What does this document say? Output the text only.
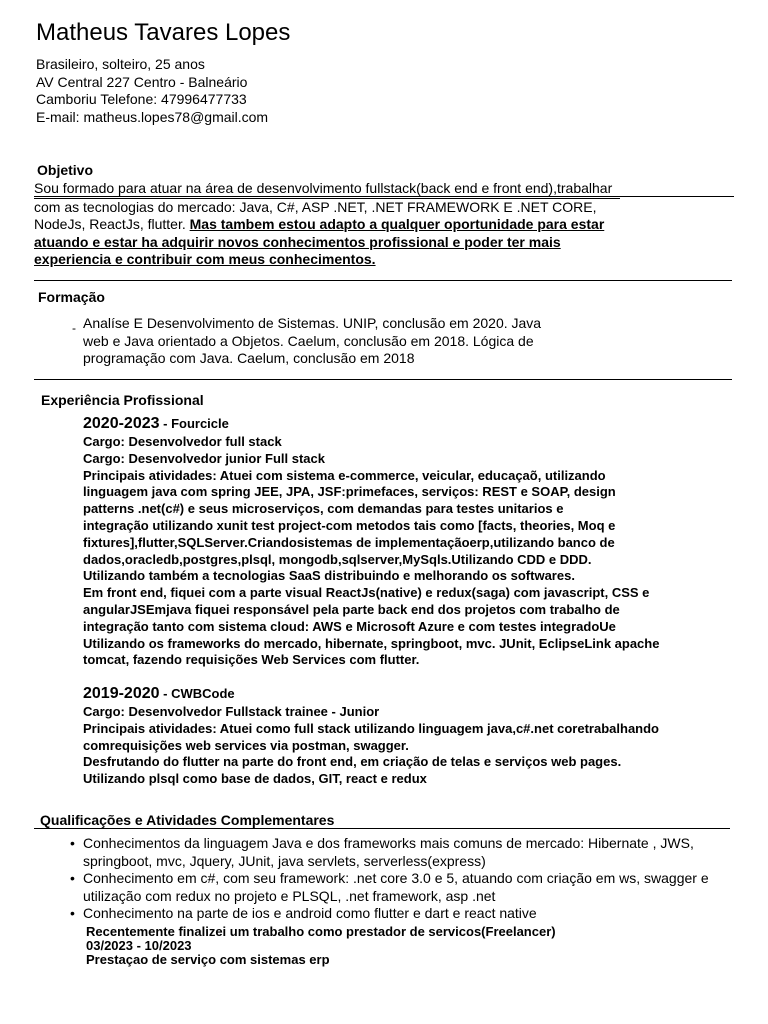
Matheus Tavares Lopes
Brasileiro, solteiro, 25 anos
AV Central 227 Centro - Balneário
Camboriu Telefone: 47996477733
E-mail: matheus.lopes78@gmail.com
Objetivo
Sou formado para atuar na área de desenvolvimento fullstack(back end e front end),trabalhar
com as tecnologias do mercado: Java, C#, ASP .NET, .NET FRAMEWORK E .NET CORE,
NodeJs, ReactJs, flutter. Mas tambem estou adapto a qualquer oportunidade para estar
atuando e estar ha adquirir novos conhecimentos profissional e poder ter mais
experiencia e contribuir com meus conhecimentos.
Formação
- Analíse E Desenvolvimento de Sistemas. UNIP, conclusão em 2020. Java web e Java orientado a Objetos. Caelum, conclusão em 2018. Lógica de programação com Java. Caelum, conclusão em 2018
Experiência Profissional
2020-2023 - Fourcicle
Cargo: Desenvolvedor full stack
Cargo: Desenvolvedor junior Full stack
Principais atividades: Atuei com sistema e-commerce, veicular, educaçaõ, utilizando
linguagem java com spring JEE, JPA, JSF:primefaces, serviços: REST e SOAP, design
patterns .net(c#) e seus microserviços, com demandas para testes unitarios e
integração utilizando xunit test project-com metodos tais como [facts, theories, Moq e
fixtures],flutter,SQLServer.Criandosistemas de implementaçãoerp,utilizando banco de
dados,oracledb,postgres,plsql, mongodb,sqlserver,MySqls.Utilizando CDD e DDD.
Utilizando também a tecnologias SaaS distribuindo e melhorando os softwares.
Em front end, fiquei com a parte visual ReactJs(native) e redux(saga) com javascript, CSS e
angularJSEmjava fiquei responsável pela parte back end dos projetos com trabalho de
integração tanto com sistema cloud: AWS e Microsoft Azure e com testes integradoUe
Utilizando os frameworks do mercado, hibernate, springboot, mvc. JUnit, EclipseLink apache
tomcat, fazendo requisições Web Services com flutter.
2019-2020 - CWBCode
Cargo: Desenvolvedor Fullstack trainee - Junior
Principais atividades: Atuei como full stack utilizando linguagem java,c#.net coretrabalhando
comrequisições web services via postman, swagger.
Desfrutando do flutter na parte do front end, em criação de telas e serviços web pages.
Utilizando plsql como base de dados, GIT, react e redux
Qualificações e Atividades Complementares
• Conhecimentos da linguagem Java e dos frameworks mais comuns de mercado: Hibernate , JWS, springboot, mvc, Jquery, JUnit, java servlets, serverless(express)
• Conhecimento em c#, com seu framework: .net core 3.0 e 5, atuando com criação em ws, swagger e utilização com redux no projeto e PLSQL, .net framework, asp .net
• Conhecimento na parte de ios e android como flutter e dart e react native
Recentemente finalizei um trabalho como prestador de servicos(Freelancer)
03/2023 - 10/2023
Prestaçao de serviço com sistemas erp
